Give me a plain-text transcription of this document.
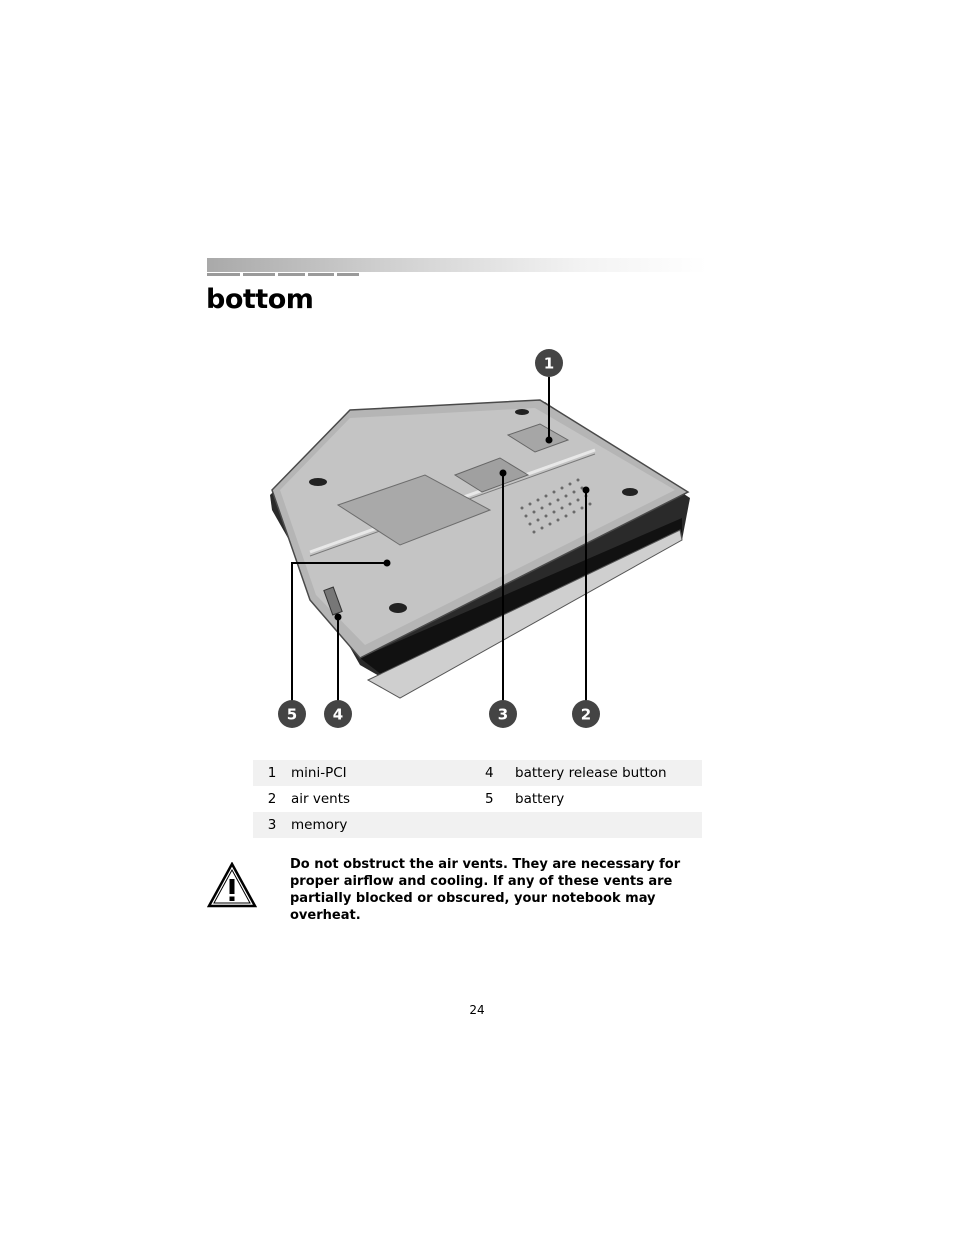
bottom
1
2
3
4
5
1	mini-PCI	4	battery release button
2	air vents	5	battery
3	memory		

Do not obstruct the air vents. They are necessary for proper airflow and cooling. If any of these vents are partially blocked or obscured, your notebook may overheat.

24
